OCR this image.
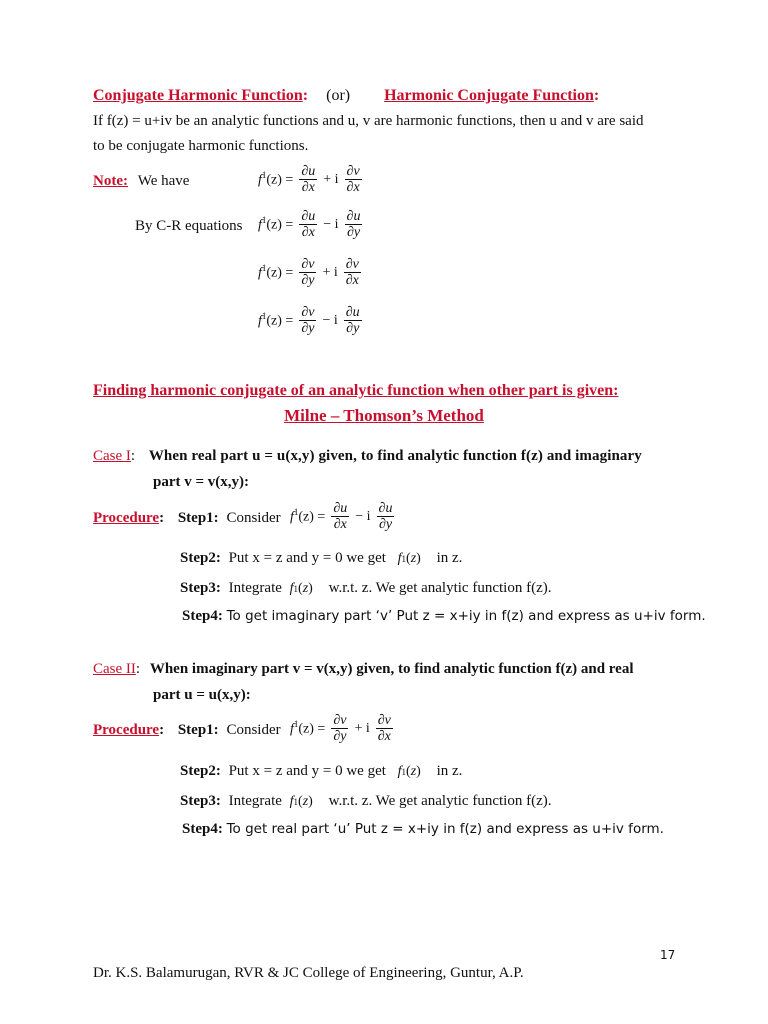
Conjugate Harmonic Function: (or) Harmonic Conjugate Function:
If f(z) = u+iv be an analytic functions and u, v are harmonic functions, then u and v are said
to be conjugate harmonic functions.
Note: We have	$f^1(z) = \frac{\partial u}{\partial x} + i \frac{\partial v}{\partial x}$
By C-R equations $f^1(z) = \frac{\partial u}{\partial x} - i \frac{\partial u}{\partial y}$
$f^1(z) = \frac{\partial v}{\partial y} + i \frac{\partial v}{\partial x}$
$f^1(z) = \frac{\partial v}{\partial y} - i \frac{\partial u}{\partial y}$
Finding harmonic conjugate of an analytic function when other part is given:
Milne – Thomson’s Method
Case I: When real part u = u(x,y) given, to find analytic function f(z) and imaginary
part v = v(x,y):
Procedure: Step1: Consider $f^1(z) = \frac{\partial u}{\partial x} - i \frac{\partial u}{\partial y}$
Step2: Put x = z and y = 0 we get f 1 ( z ) in z.
Step3: Integrate f 1 ( z ) w.r.t. z. We get analytic function f(z).
Step4: To get imaginary part ‘v’ Put z = x+iy in f(z) and express as u+iv form.
Case II: When imaginary part v = v(x,y) given, to find analytic function f(z) and real
part u = u(x,y):
Procedure: Step1: Consider $f^1(z) = \frac{\partial v}{\partial y} + i \frac{\partial v}{\partial x}$
Step2: Put x = z and y = 0 we get f 1 ( z ) in z.
Step3: Integrate f 1 ( z ) w.r.t. z. We get analytic function f(z).
Step4: To get real part ‘u’ Put z = x+iy in f(z) and express as u+iv form.
17
Dr. K.S. Balamurugan, RVR & JC College of Engineering, Guntur, A.P.
